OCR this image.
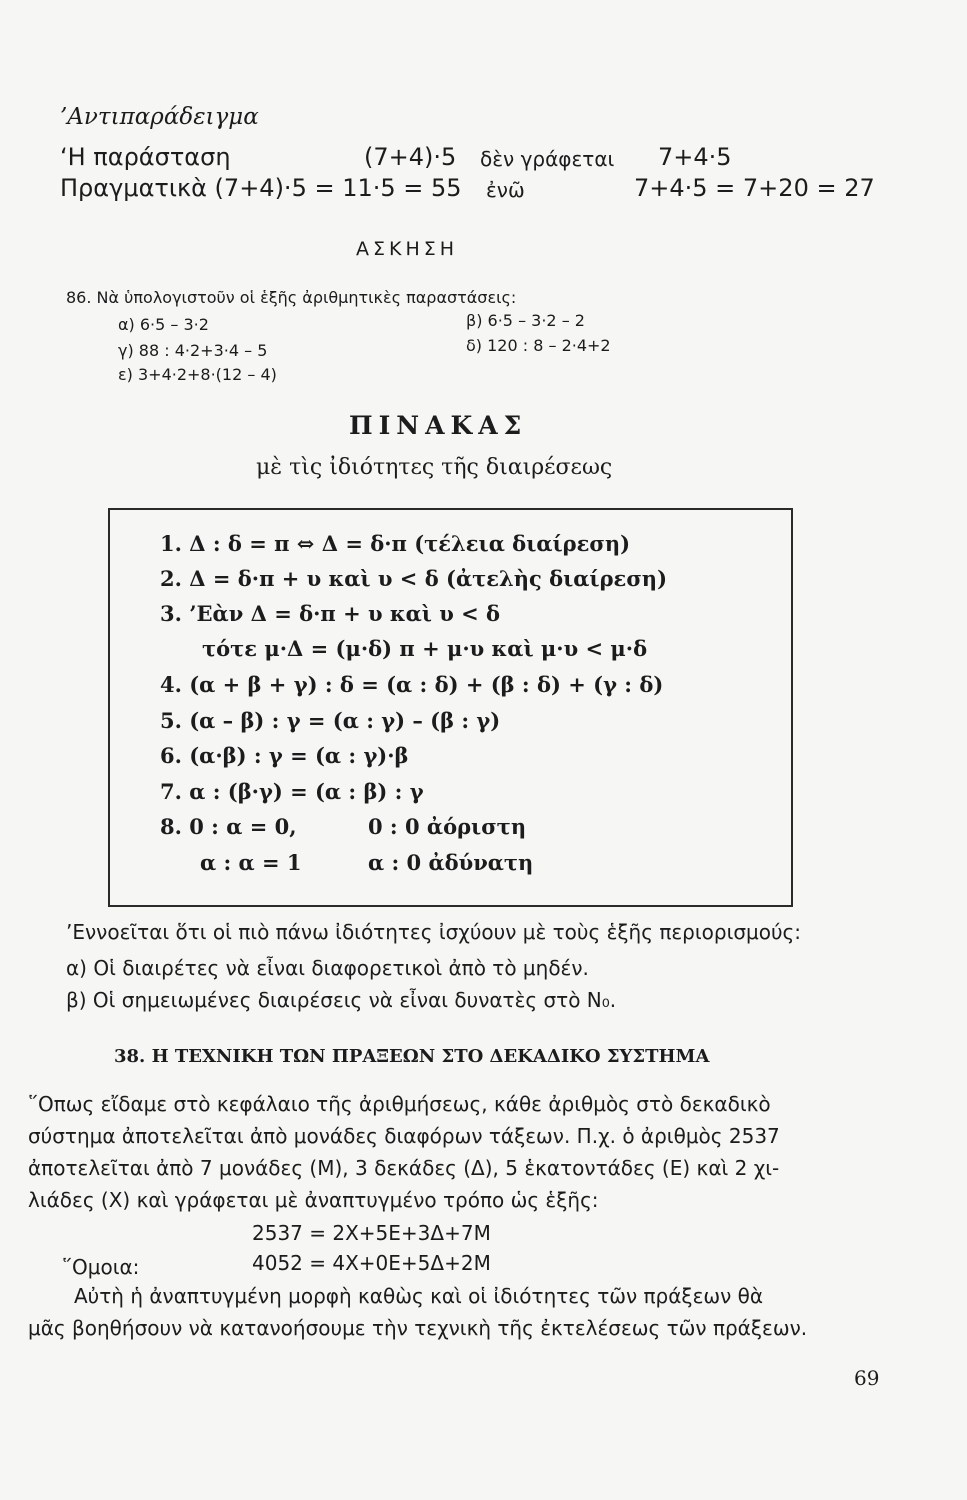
’Αντιπαράδειγμα
‘Η παράσταση	(7+4)·5 δὲν γράφεται 7+4·5
Πραγματικὰ (7+4)·5 = 11·5 = 55 ἐνῶ	7+4·5 = 7+20 = 27
ΑΣΚΗΣΗ
86. Νὰ ὑπολογιστοῦν οἱ ἑξῆς ἀριθμητικὲς παραστάσεις:
α) 6·5 – 3·2	β) 6·5 – 3·2 – 2
γ) 88 : 4·2+3·4 – 5	δ) 120 : 8 – 2·4+2
ε) 3+4·2+8·(12 – 4)
ΠΙΝΑΚΑΣ
μὲ τὶς ἰδιότητες τῆς διαιρέσεως
1. Δ : δ = π ⇔ Δ = δ·π (τέλεια διαίρεση)
2. Δ = δ·π + υ καὶ υ < δ (ἀτελὴς διαίρεση)
3. ’Εὰν Δ = δ·π + υ καὶ υ < δ
τότε μ·Δ = (μ·δ) π + μ·υ καὶ μ·υ < μ·δ
4. (α + β + γ) : δ = (α : δ) + (β : δ) + (γ : δ)
5. (α – β) : γ = (α : γ) – (β : γ)
6. (α·β) : γ = (α : γ)·β
7. α : (β·γ) = (α : β) : γ
8. 0 : α = 0,	0 : 0 ἀόριστη
α : α = 1	α : 0 ἀδύνατη
’Εννοεῖται ὅτι οἱ πιὸ πάνω ἰδιότητες ἰσχύουν μὲ τοὺς ἑξῆς περιορισμούς:
α) Οἱ διαιρέτες νὰ εἶναι διαφορετικοὶ ἀπὸ τὸ μηδέν.
β) Οἱ σημειωμένες διαιρέσεις νὰ εἶναι δυνατὲς στὸ N₀.
38. Η ΤΕΧΝΙΚΗ ΤΩΝ ΠΡΑΞΕΩΝ ΣΤΟ ΔΕΚΑΔΙΚΟ ΣΥΣΤΗΜΑ
῞Οπως εἴδαμε στὸ κεφάλαιο τῆς ἀριθμήσεως, κάθε ἀριθμὸς στὸ δεκαδικὸ
σύστημα ἀποτελεῖται ἀπὸ μονάδες διαφόρων τάξεων. Π.χ. ὁ ἀριθμὸς 2537
ἀποτελεῖται ἀπὸ 7 μονάδες (Μ), 3 δεκάδες (Δ), 5 ἑκατοντάδες (Ε) καὶ 2 χι-
λιάδες (Χ) καὶ γράφεται μὲ ἀναπτυγμένο τρόπο ὡς ἑξῆς:
2537 = 2Χ+5Ε+3Δ+7Μ
῞Ομοια:	4052 = 4Χ+0Ε+5Δ+2Μ
Αὐτὴ ἡ ἀναπτυγμένη μορφὴ καθὼς καὶ οἱ ἰδιότητες τῶν πράξεων θὰ
μᾶς βοηθήσουν νὰ κατανοήσουμε τὴν τεχνικὴ τῆς ἐκτελέσεως τῶν πράξεων.
69
